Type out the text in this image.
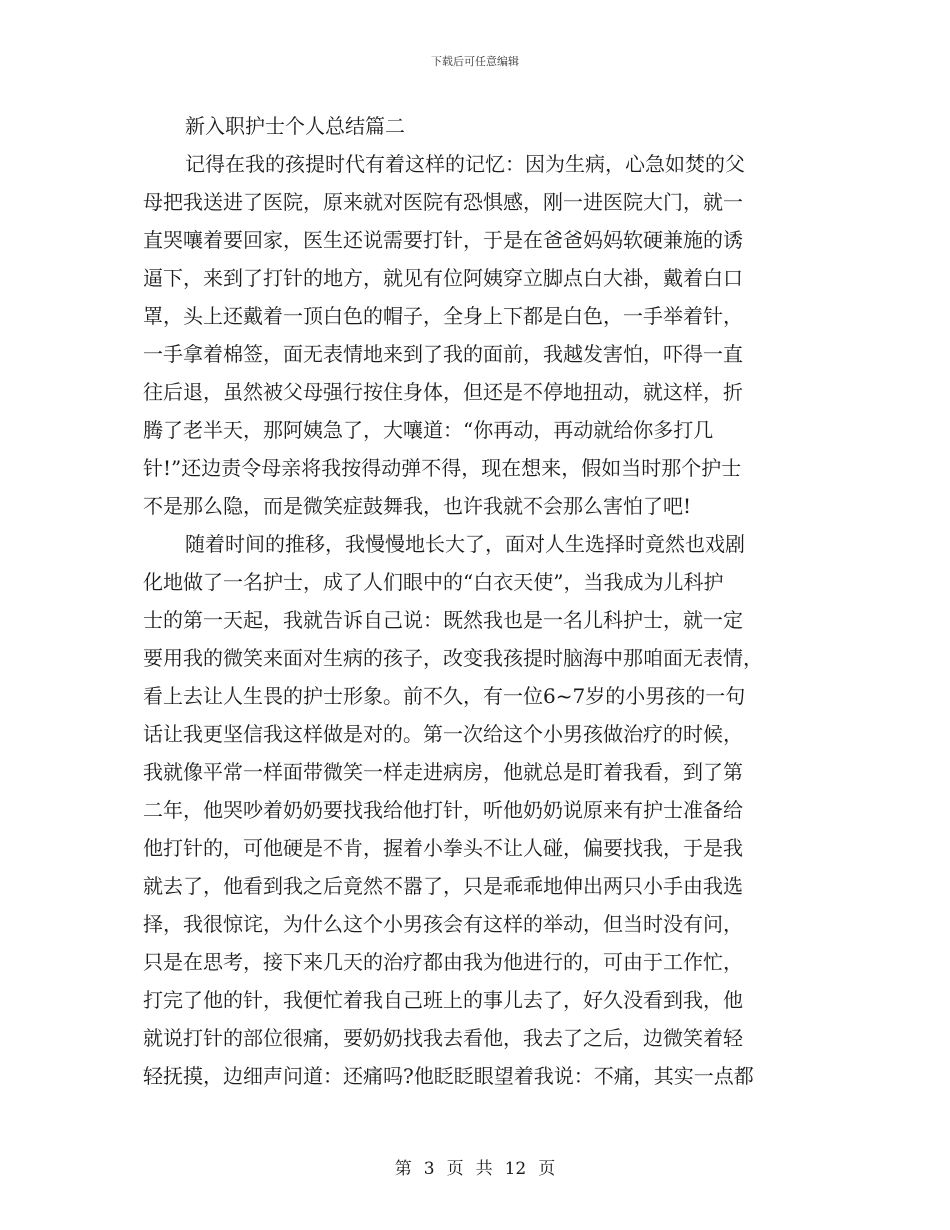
下载后可任意编辑
新入职护士个人总结篇二
记得在我的孩提时代有着这样的记忆：因为生病，心急如焚的父
母把我送进了医院，原来就对医院有恐惧感，刚一进医院大门，就一
直哭嚷着要回家，医生还说需要打针，于是在爸爸妈妈软硬兼施的诱
逼下，来到了打针的地方，就见有位阿姨穿立脚点白大褂，戴着白口
罩，头上还戴着一顶白色的帽子，全身上下都是白色，一手举着针，
一手拿着棉签，面无表情地来到了我的面前，我越发害怕，吓得一直
往后退，虽然被父母强行按住身体，但还是不停地扭动，就这样，折
腾了老半天，那阿姨急了，大嚷道：“你再动，再动就给你多打几
针!”还边责令母亲将我按得动弹不得，现在想来，假如当时那个护士
不是那么隐，而是微笑症鼓舞我，也许我就不会那么害怕了吧!
随着时间的推移，我慢慢地长大了，面对人生选择时竟然也戏剧
化地做了一名护士，成了人们眼中的“白衣天使”，当我成为儿科护
士的第一天起，我就告诉自己说：既然我也是一名儿科护士，就一定
要用我的微笑来面对生病的孩子，改变我孩提时脑海中那咱面无表情，
看上去让人生畏的护士形象。前不久，有一位6~7岁的小男孩的一句
话让我更坚信我这样做是对的。第一次给这个小男孩做治疗的时候，
我就像平常一样面带微笑一样走进病房，他就总是盯着我看，到了第
二年，他哭吵着奶奶要找我给他打针，听他奶奶说原来有护士准备给
他打针的，可他硬是不肯，握着小拳头不让人碰，偏要找我，于是我
就去了，他看到我之后竟然不嚣了，只是乖乖地伸出两只小手由我选
择，我很惊诧，为什么这个小男孩会有这样的举动，但当时没有问，
只是在思考，接下来几天的治疗都由我为他进行的，可由于工作忙，
打完了他的针，我便忙着我自己班上的事儿去了，好久没看到我，他
就说打针的部位很痛，要奶奶找我去看他，我去了之后，边微笑着轻
轻抚摸，边细声问道：还痛吗?他眨眨眼望着我说：不痛，其实一点都
第 3 页 共 12 页
